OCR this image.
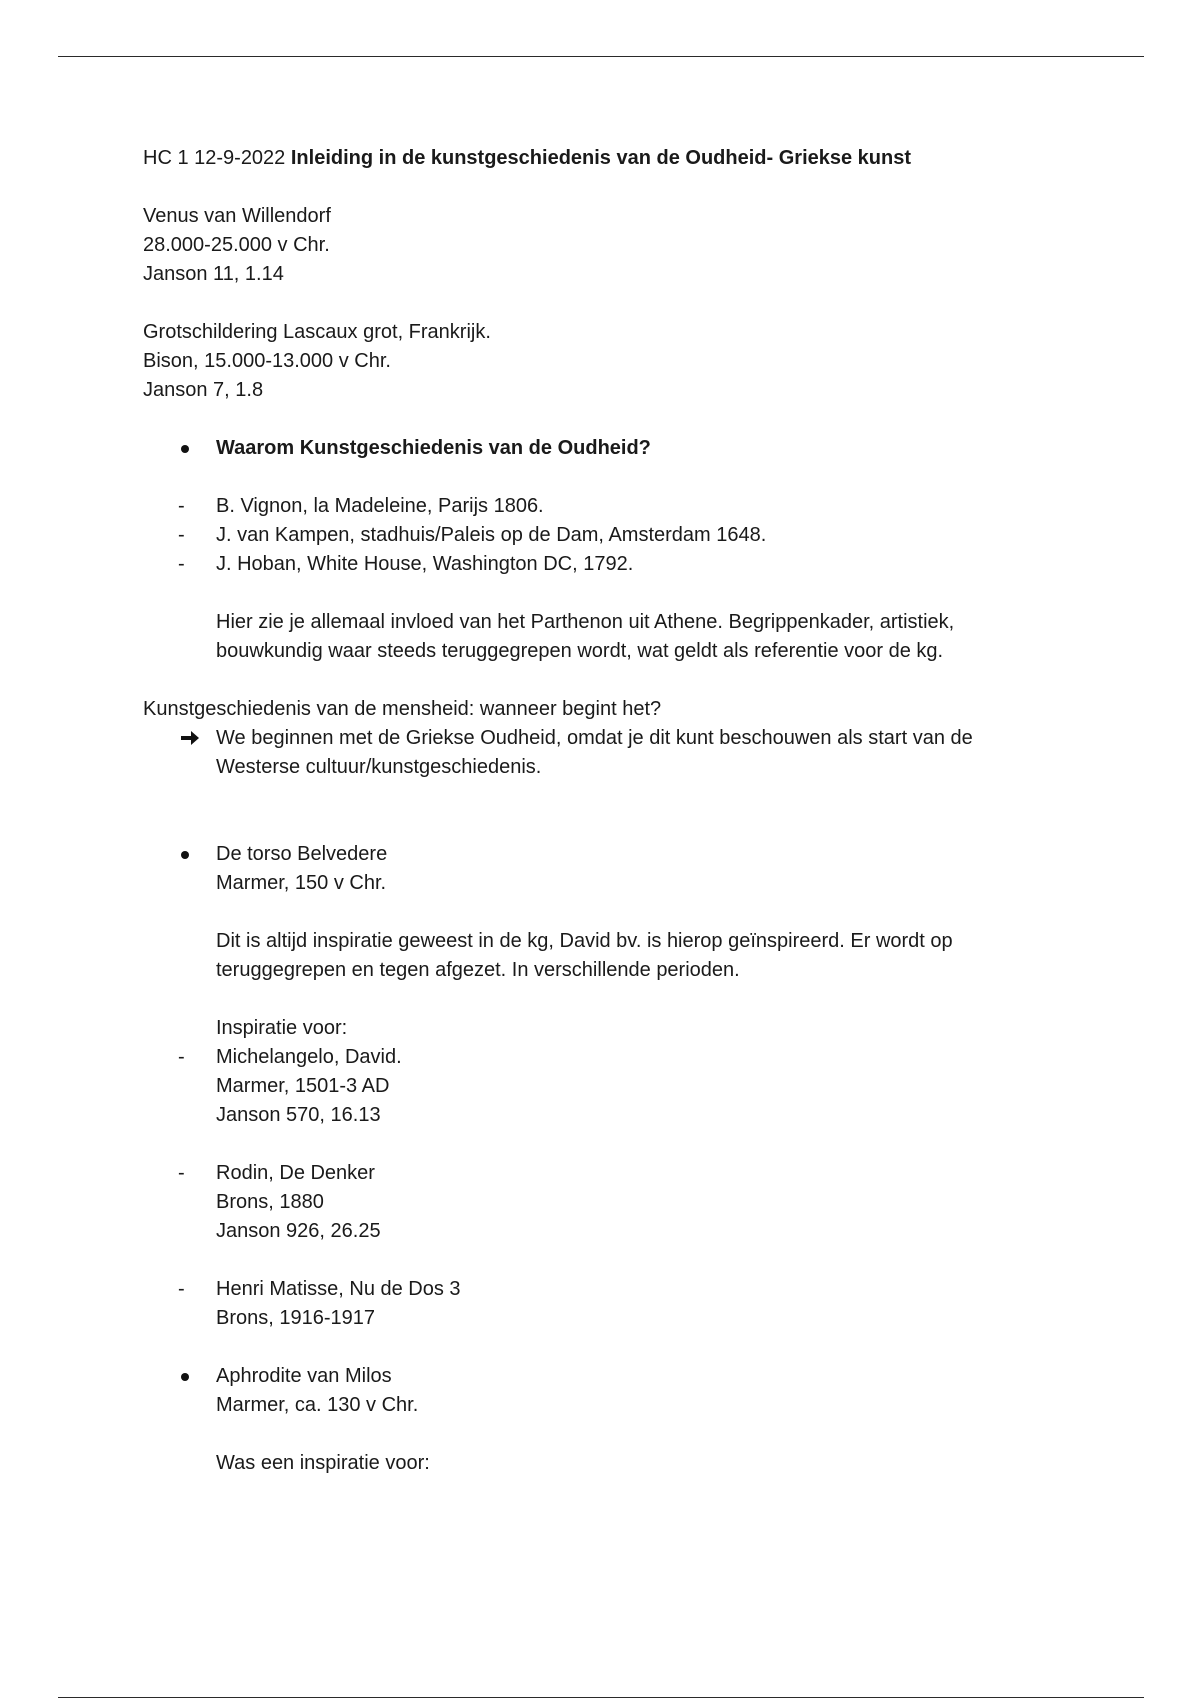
HC 1 12-9-2022 Inleiding in de kunstgeschiedenis van de Oudheid- Griekse kunst
Venus van Willendorf
28.000-25.000 v Chr.
Janson 11, 1.14
Grotschildering Lascaux grot, Frankrijk.
Bison, 15.000-13.000 v Chr.
Janson 7, 1.8
Waarom Kunstgeschiedenis van de Oudheid?
-	B. Vignon, la Madeleine, Parijs 1806.
-	J. van Kampen, stadhuis/Paleis op de Dam, Amsterdam 1648.
-	J. Hoban, White House, Washington DC, 1792.
Hier zie je allemaal invloed van het Parthenon uit Athene. Begrippenkader, artistiek,
bouwkundig waar steeds teruggegrepen wordt, wat geldt als referentie voor de kg.
Kunstgeschiedenis van de mensheid: wanneer begint het?
We beginnen met de Griekse Oudheid, omdat je dit kunt beschouwen als start van de
Westerse cultuur/kunstgeschiedenis.
De torso Belvedere
Marmer, 150 v Chr.
Dit is altijd inspiratie geweest in de kg, David bv. is hierop geïnspireerd. Er wordt op
teruggegrepen en tegen afgezet. In verschillende perioden.
Inspiratie voor:
-	Michelangelo, David.
Marmer, 1501-3 AD
Janson 570, 16.13
-	Rodin, De Denker
Brons, 1880
Janson 926, 26.25
-	Henri Matisse, Nu de Dos 3
Brons, 1916-1917
Aphrodite van Milos
Marmer, ca. 130 v Chr.
Was een inspiratie voor:
